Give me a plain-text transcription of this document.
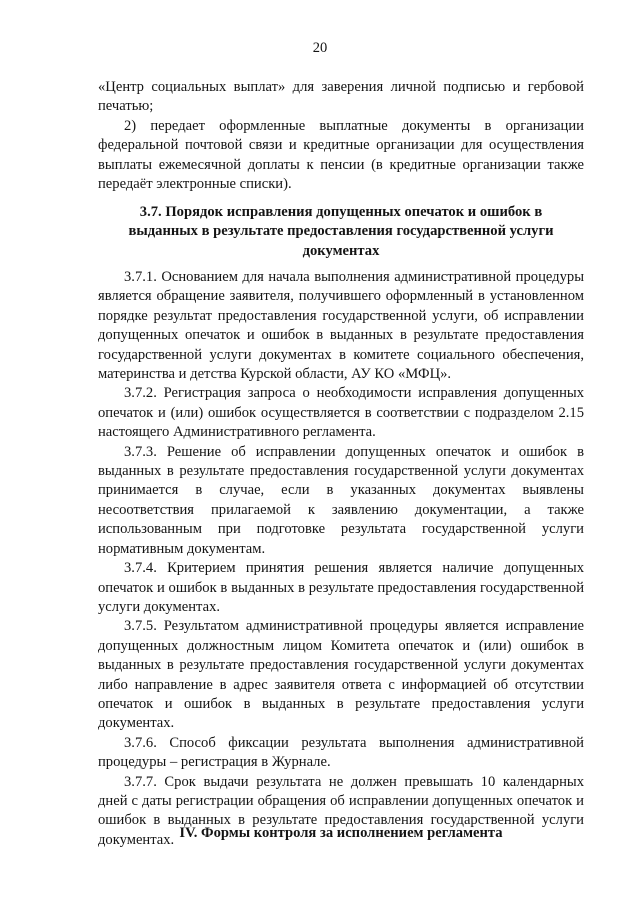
20

«Центр социальных выплат» для заверения личной подписью и гербовой печатью;

2) передает оформленные выплатные документы в организации федеральной почтовой связи и кредитные организации для осуществления выплаты ежемесячной доплаты к пенсии (в кредитные организации также передаёт электронные списки).

3.7. Порядок исправления допущенных опечаток и ошибок в
выданных в результате предоставления государственной услуги
документах

3.7.1. Основанием для начала выполнения административной процедуры является обращение заявителя, получившего оформленный в установленном порядке результат предоставления государственной услуги, об исправлении допущенных опечаток и ошибок в выданных в результате предоставления государственной услуги документах в комитете социального обеспечения, материнства и детства Курской области, АУ КО «МФЦ».

3.7.2. Регистрация запроса о необходимости исправления допущенных опечаток и (или) ошибок осуществляется в соответствии с подразделом 2.15 настоящего Административного регламента.

3.7.3. Решение об исправлении допущенных опечаток и ошибок в выданных в результате предоставления государственной услуги документах принимается в случае, если в указанных документах выявлены несоответствия прилагаемой к заявлению документации, а также использованным при подготовке результата государственной услуги нормативным документам.

3.7.4. Критерием принятия решения является наличие допущенных опечаток и ошибок в выданных в результате предоставления государственной услуги документах.

3.7.5. Результатом административной процедуры является исправление допущенных должностным лицом Комитета опечаток и (или) ошибок в выданных в результате предоставления государственной услуги документах либо направление в адрес заявителя ответа с информацией об отсутствии опечаток и ошибок в выданных в результате предоставления услуги документах.

3.7.6. Способ фиксации результата выполнения административной процедуры – регистрация в Журнале.

3.7.7. Срок выдачи результата не должен превышать 10 календарных дней с даты регистрации обращения об исправлении допущенных опечаток и ошибок в выданных в результате предоставления государственной услуги документах. IV. Формы контроля за исполнением регламента
